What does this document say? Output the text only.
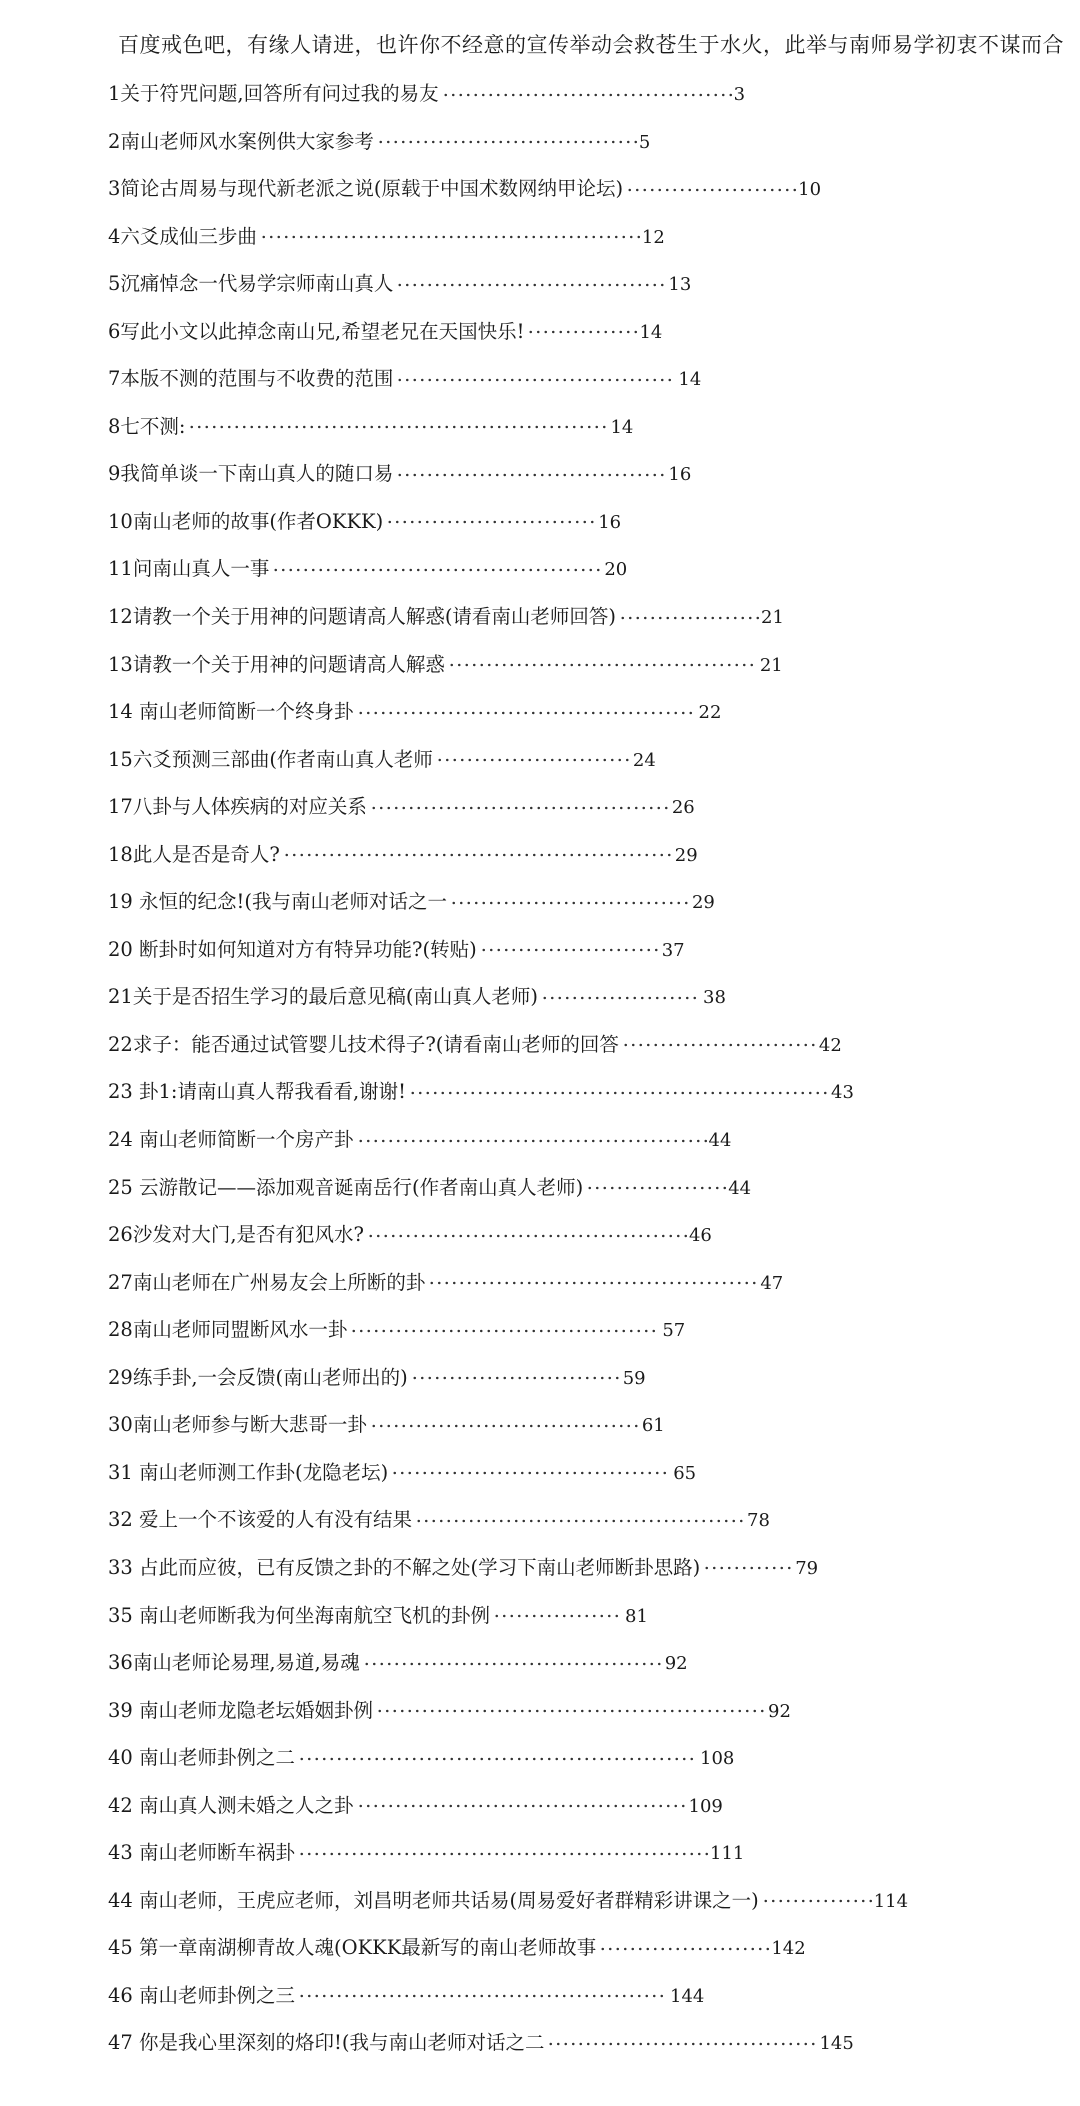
百度戒色吧，有缘人请进，也许你不经意的宣传举动会救苍生于水火，此举与南师易学初衷不谋而合
1关于符咒问题,回答所有问过我的易友	3
2南山老师风水案例供大家参考	5
3简论古周易与现代新老派之说(原载于中国术数网纳甲论坛)	10
4六爻成仙三步曲	12
5沉痛悼念一代易学宗师南山真人	13
6写此小文以此掉念南山兄,希望老兄在天国快乐!	14
7本版不测的范围与不收费的范围	14
8七不测:	14
9我简单谈一下南山真人的随口易	16
10南山老师的故事(作者OKKK)	16
11问南山真人一事	20
12请教一个关于用神的问题请高人解惑(请看南山老师回答)	21
13请教一个关于用神的问题请高人解惑	21
14 南山老师简断一个终身卦	22
15六爻预测三部曲(作者南山真人老师	24
17八卦与人体疾病的对应关系	26
18此人是否是奇人?	29
19 永恒的纪念!(我与南山老师对话之一	29
20 断卦时如何知道对方有特异功能?(转贴)	37
21关于是否招生学习的最后意见稿(南山真人老师)	38
22求子：能否通过试管婴儿技术得子?(请看南山老师的回答	42
23 卦1:请南山真人帮我看看,谢谢!	43
24 南山老师简断一个房产卦	44
25 云游散记——添加观音诞南岳行(作者南山真人老师)	44
26沙发对大门,是否有犯风水?	46
27南山老师在广州易友会上所断的卦	47
28南山老师同盟断风水一卦	57
29练手卦,一会反馈(南山老师出的)	59
30南山老师参与断大悲哥一卦	61
31 南山老师测工作卦(龙隐老坛)	65
32 爱上一个不该爱的人有没有结果	78
33 占此而应彼，已有反馈之卦的不解之处(学习下南山老师断卦思路)	79
35 南山老师断我为何坐海南航空飞机的卦例	81
36南山老师论易理,易道,易魂	92
39 南山老师龙隐老坛婚姻卦例	92
40 南山老师卦例之二	108
42 南山真人测未婚之人之卦	109
43 南山老师断车祸卦	111
44 南山老师，王虎应老师，刘昌明老师共话易(周易爱好者群精彩讲课之一)	114
45 第一章南湖柳青故人魂(OKKK最新写的南山老师故事	142
46 南山老师卦例之三	144
47 你是我心里深刻的烙印!(我与南山老师对话之二	145
